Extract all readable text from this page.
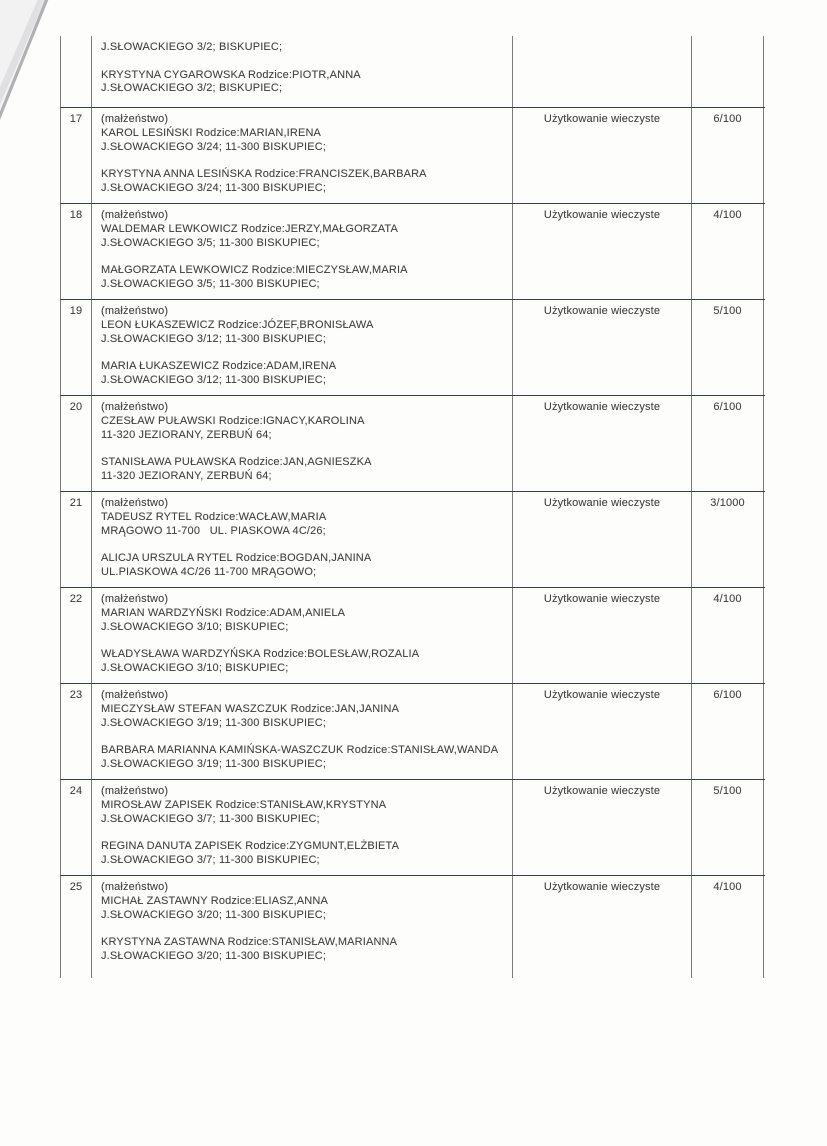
J.SŁOWACKIEGO 3/2; BISKUPIEC;
KRYSTYNA CYGAROWSKA Rodzice:PIOTR,ANNA
J.SŁOWACKIEGO 3/2; BISKUPIEC;
17	(małżeństwo)
KAROL LESIŃSKI Rodzice:MARIAN,IRENA
J.SŁOWACKIEGO 3/24; 11-300 BISKUPIEC;
KRYSTYNA ANNA LESIŃSKA Rodzice:FRANCISZEK,BARBARA
J.SŁOWACKIEGO 3/24; 11-300 BISKUPIEC;
Użytkowanie wieczyste	6/100
18	(małżeństwo)
WALDEMAR LEWKOWICZ Rodzice:JERZY,MAŁGORZATA
J.SŁOWACKIEGO 3/5; 11-300 BISKUPIEC;
MAŁGORZATA LEWKOWICZ Rodzice:MIECZYSŁAW,MARIA
J.SŁOWACKIEGO 3/5; 11-300 BISKUPIEC;
Użytkowanie wieczyste	4/100
19	(małżeństwo)
LEON ŁUKASZEWICZ Rodzice:JÓZEF,BRONISŁAWA
J.SŁOWACKIEGO 3/12; 11-300 BISKUPIEC;
MARIA ŁUKASZEWICZ Rodzice:ADAM,IRENA
J.SŁOWACKIEGO 3/12; 11-300 BISKUPIEC;
Użytkowanie wieczyste	5/100
20	(małżeństwo)
CZESŁAW PUŁAWSKI Rodzice:IGNACY,KAROLINA
11-320 JEZIORANY, ZERBUŃ 64;
STANISŁAWA PUŁAWSKA Rodzice:JAN,AGNIESZKA
11-320 JEZIORANY, ZERBUŃ 64;
Użytkowanie wieczyste	6/100
21	(małżeństwo)
TADEUSZ RYTEL Rodzice:WACŁAW,MARIA
MRĄGOWO 11-700   UL. PIASKOWA 4C/26;
ALICJA URSZULA RYTEL Rodzice:BOGDAN,JANINA
UL.PIASKOWA 4C/26 11-700 MRĄGOWO;
Użytkowanie wieczyste	3/1000
22	(małżeństwo)
MARIAN WARDZYŃSKI Rodzice:ADAM,ANIELA
J.SŁOWACKIEGO 3/10; BISKUPIEC;
WŁADYSŁAWA WARDZYŃSKA Rodzice:BOLESŁAW,ROZALIA
J.SŁOWACKIEGO 3/10; BISKUPIEC;
Użytkowanie wieczyste	4/100
23	(małżeństwo)
MIECZYSŁAW STEFAN WASZCZUK Rodzice:JAN,JANINA
J.SŁOWACKIEGO 3/19; 11-300 BISKUPIEC;
BARBARA MARIANNA KAMIŃSKA-WASZCZUK Rodzice:STANISŁAW,WANDA
J.SŁOWACKIEGO 3/19; 11-300 BISKUPIEC;
Użytkowanie wieczyste	6/100
24	(małżeństwo)
MIROSŁAW ZAPISEK Rodzice:STANISŁAW,KRYSTYNA
J.SŁOWACKIEGO 3/7; 11-300 BISKUPIEC;
REGINA DANUTA ZAPISEK Rodzice:ZYGMUNT,ELŻBIETA
J.SŁOWACKIEGO 3/7; 11-300 BISKUPIEC;
Użytkowanie wieczyste	5/100
25	(małżeństwo)
MICHAŁ ZASTAWNY Rodzice:ELIASZ,ANNA
J.SŁOWACKIEGO 3/20; 11-300 BISKUPIEC;
KRYSTYNA ZASTAWNA Rodzice:STANISŁAW,MARIANNA
J.SŁOWACKIEGO 3/20; 11-300 BISKUPIEC;
Użytkowanie wieczyste	4/100
